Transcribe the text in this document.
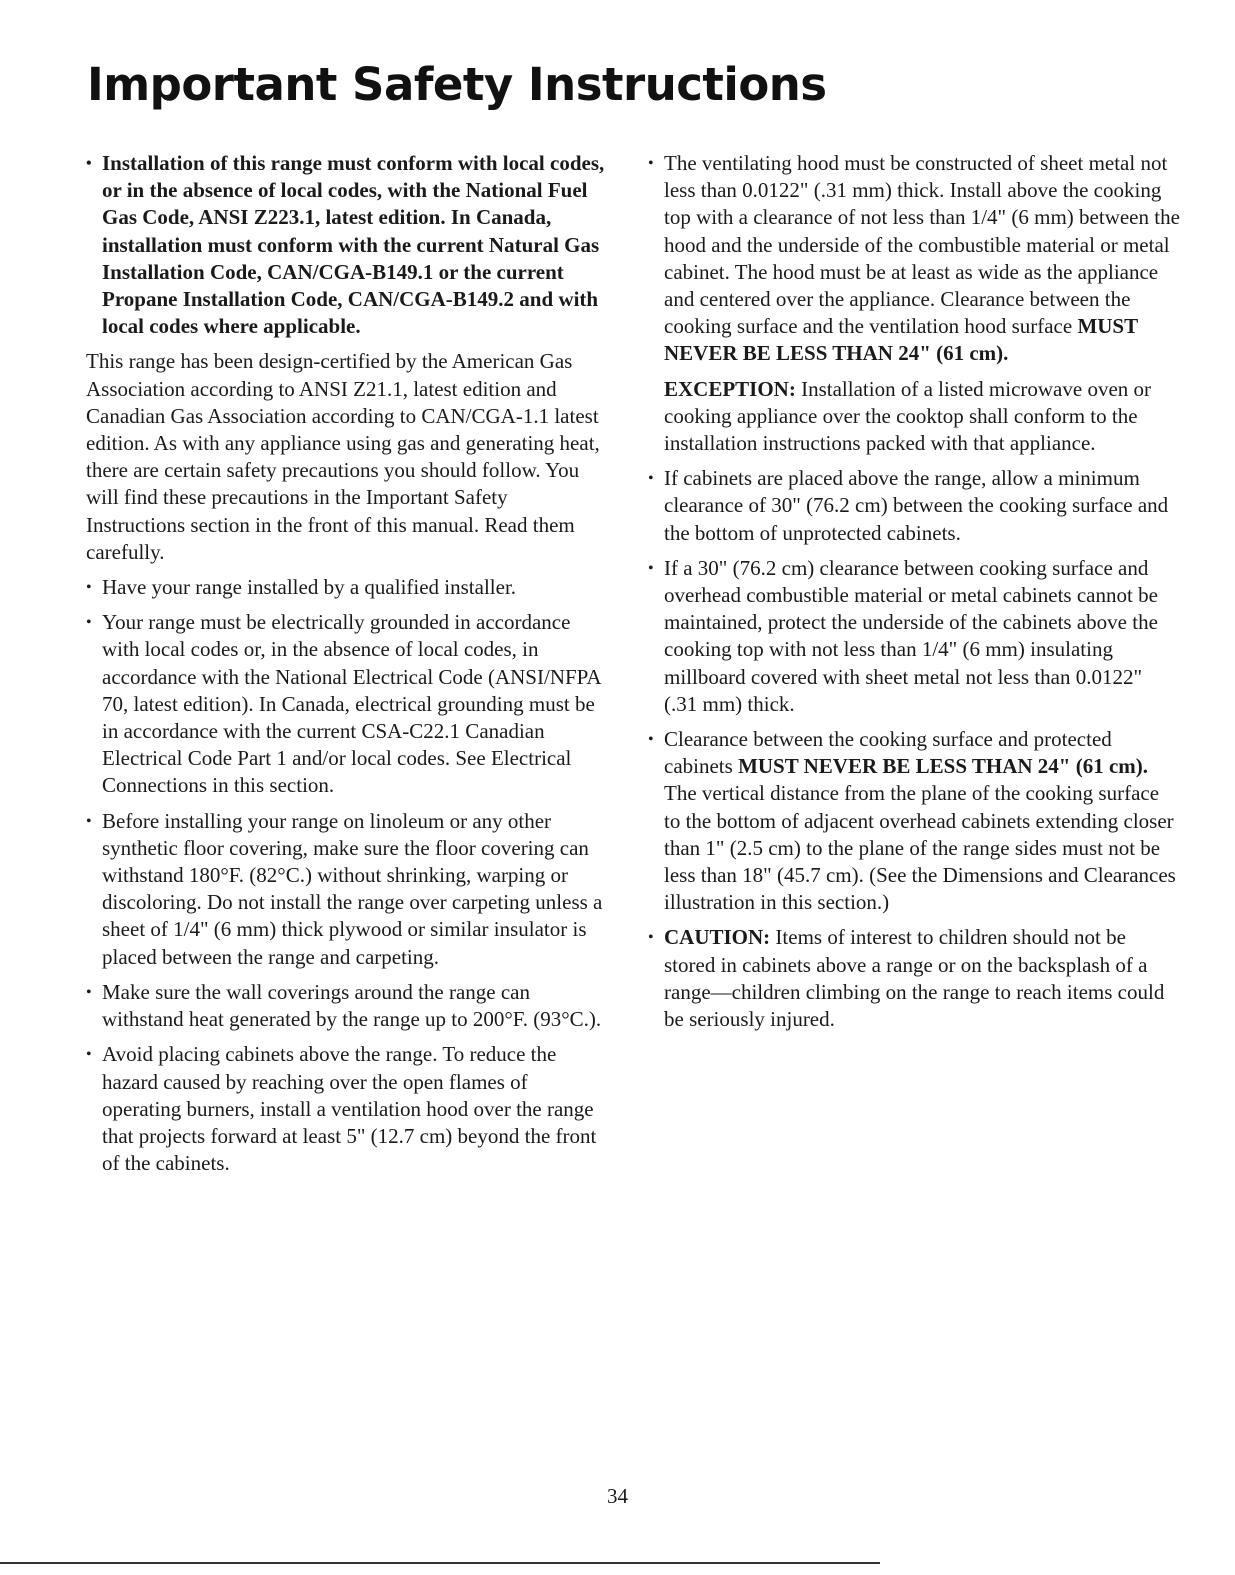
Important Safety Instructions

• Installation of this range must conform with local codes, or in the absence of local codes, with the National Fuel Gas Code, ANSI Z223.1, latest edition. In Canada, installation must conform with the current Natural Gas Installation Code, CAN/CGA-B149.1 or the current Propane Installation Code, CAN/CGA-B149.2 and with local codes where applicable.

This range has been design-certified by the American Gas Association according to ANSI Z21.1, latest edition and Canadian Gas Association according to CAN/CGA-1.1 latest edition. As with any appliance using gas and generating heat, there are certain safety precautions you should follow. You will find these precautions in the Important Safety Instructions section in the front of this manual. Read them carefully.

• Have your range installed by a qualified installer.

• Your range must be electrically grounded in accordance with local codes or, in the absence of local codes, in accordance with the National Electrical Code (ANSI/NFPA 70, latest edition). In Canada, electrical grounding must be in accordance with the current CSA-C22.1 Canadian Electrical Code Part 1 and/or local codes. See Electrical Connections in this section.

• Before installing your range on linoleum or any other synthetic floor covering, make sure the floor covering can withstand 180°F. (82°C.) without shrinking, warping or discoloring. Do not install the range over carpeting unless a sheet of 1/4" (6 mm) thick plywood or similar insulator is placed between the range and carpeting.

• Make sure the wall coverings around the range can withstand heat generated by the range up to 200°F. (93°C.).

• Avoid placing cabinets above the range. To reduce the hazard caused by reaching over the open flames of operating burners, install a ventilation hood over the range that projects forward at least 5" (12.7 cm) beyond the front of the cabinets.

• The ventilating hood must be constructed of sheet metal not less than 0.0122" (.31 mm) thick. Install above the cooking top with a clearance of not less than 1/4" (6 mm) between the hood and the underside of the combustible material or metal cabinet. The hood must be at least as wide as the appliance and centered over the appliance. Clearance between the cooking surface and the ventilation hood surface MUST NEVER BE LESS THAN 24" (61 cm).

EXCEPTION: Installation of a listed microwave oven or cooking appliance over the cooktop shall conform to the installation instructions packed with that appliance.

• If cabinets are placed above the range, allow a minimum clearance of 30" (76.2 cm) between the cooking surface and the bottom of unprotected cabinets.

• If a 30" (76.2 cm) clearance between cooking surface and overhead combustible material or metal cabinets cannot be maintained, protect the underside of the cabinets above the cooking top with not less than 1/4" (6 mm) insulating millboard covered with sheet metal not less than 0.0122" (.31 mm) thick.

• Clearance between the cooking surface and protected cabinets MUST NEVER BE LESS THAN 24" (61 cm). The vertical distance from the plane of the cooking surface to the bottom of adjacent overhead cabinets extending closer than 1" (2.5 cm) to the plane of the range sides must not be less than 18" (45.7 cm). (See the Dimensions and Clearances illustration in this section.)

• CAUTION: Items of interest to children should not be stored in cabinets above a range or on the backsplash of a range—children climbing on the range to reach items could be seriously injured.

34
